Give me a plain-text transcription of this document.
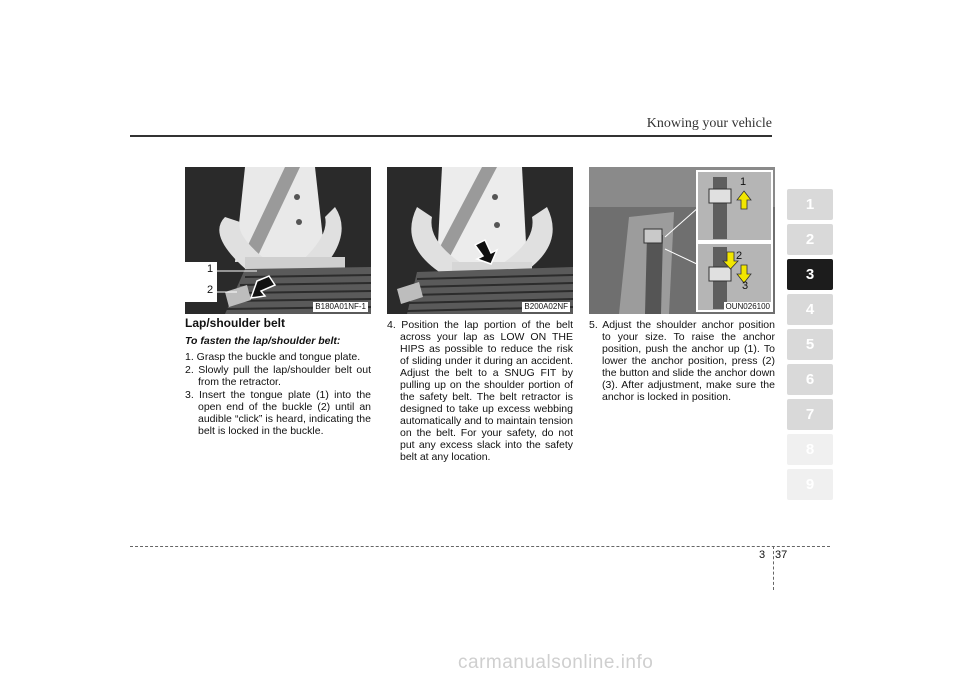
Knowing your vehicle
1
2
B180A01NF-1	B200A02NF
1
2
3
OUN026100
Lap/shoulder belt
To fasten the lap/shoulder belt:

1. Grasp the buckle and tongue plate.

2. Slowly pull the lap/shoulder belt out from the retractor.

3. Insert the tongue plate (1) into the open end of the buckle (2) until an audible “click” is heard, indicating the belt is locked in the buckle.

4. Position the lap portion of the belt across your lap as LOW ON THE HIPS as possible to reduce the risk of sliding under it during an accident. Adjust the belt to a SNUG FIT by pulling up on the shoulder portion of the safety belt. The belt retractor is designed to take up excess webbing automatically and to maintain tension on the belt. For your safety, do not put any excess slack into the safety belt at any location.

5. Adjust the shoulder anchor position to your size. To raise the anchor position, push the anchor up (1). To lower the anchor position, press (2) the button and slide the anchor down (3). After adjustment, make sure the anchor is locked in position.

1
2
3
4
5
6
7
8
9
3 37
carmanualsonline.info
